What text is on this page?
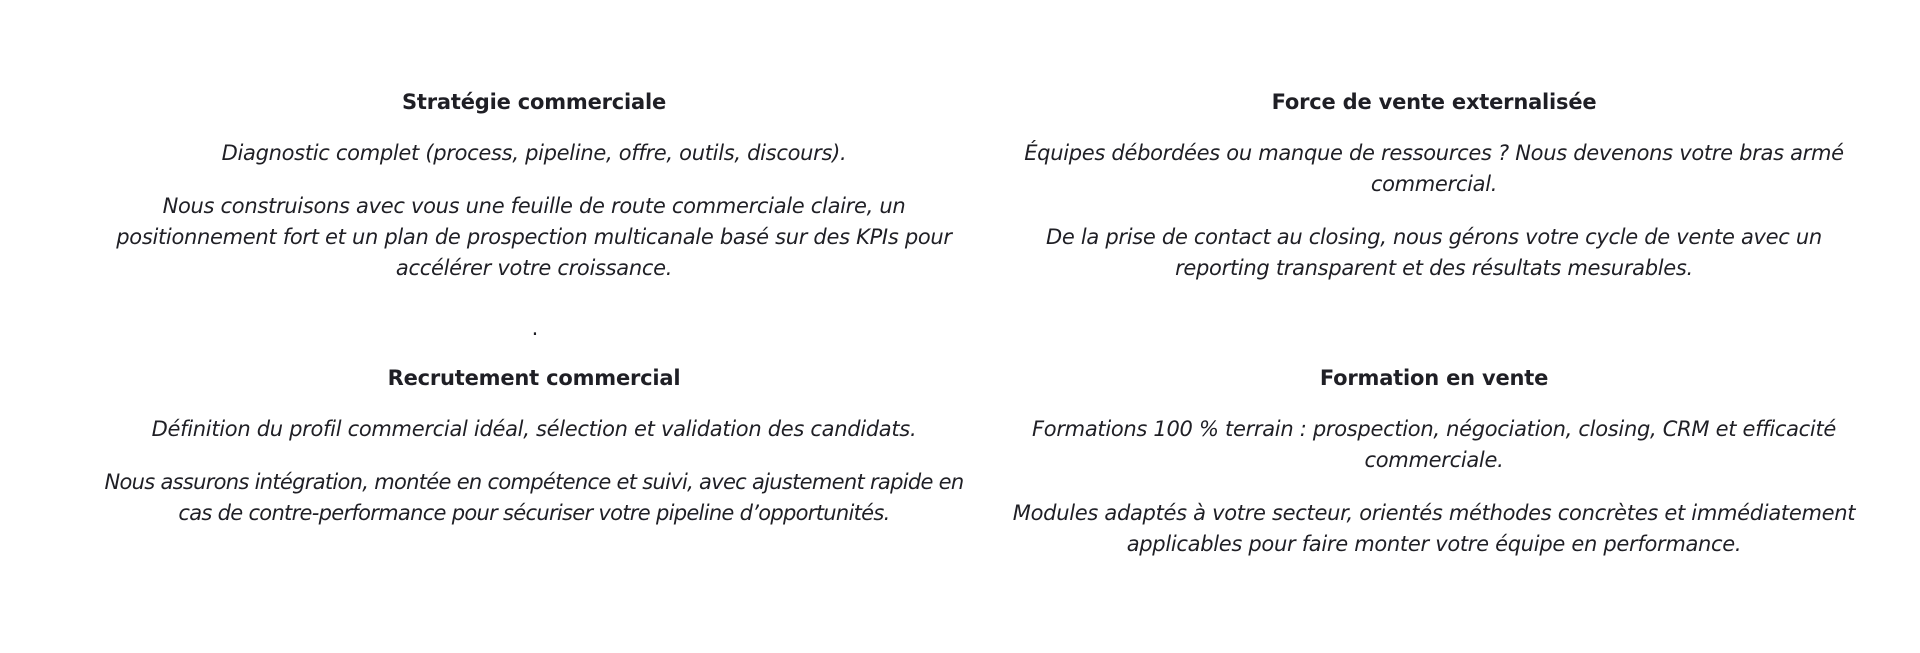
Stratégie commerciale

Diagnostic complet (process, pipeline, offre, outils, discours).

Nous construisons avec vous une feuille de route commerciale claire, un positionnement fort et un plan de prospection multicanale basé sur des KPIs pour accélérer votre croissance.

Force de vente externalisée

Équipes débordées ou manque de ressources ? Nous devenons votre bras armé commercial.

De la prise de contact au closing, nous gérons votre cycle de vente avec un reporting transparent et des résultats mesurables.

.
Recrutement commercial

Définition du profil commercial idéal, sélection et validation des candidats.

Nous assurons intégration, montée en compétence et suivi, avec ajustement rapide en cas de contre-performance pour sécuriser votre pipeline d’opportunités.

Formation en vente

Formations 100 % terrain : prospection, négociation, closing, CRM et efficacité commerciale.

Modules adaptés à votre secteur, orientés méthodes concrètes et immédiatement applicables pour faire monter votre équipe en performance.
